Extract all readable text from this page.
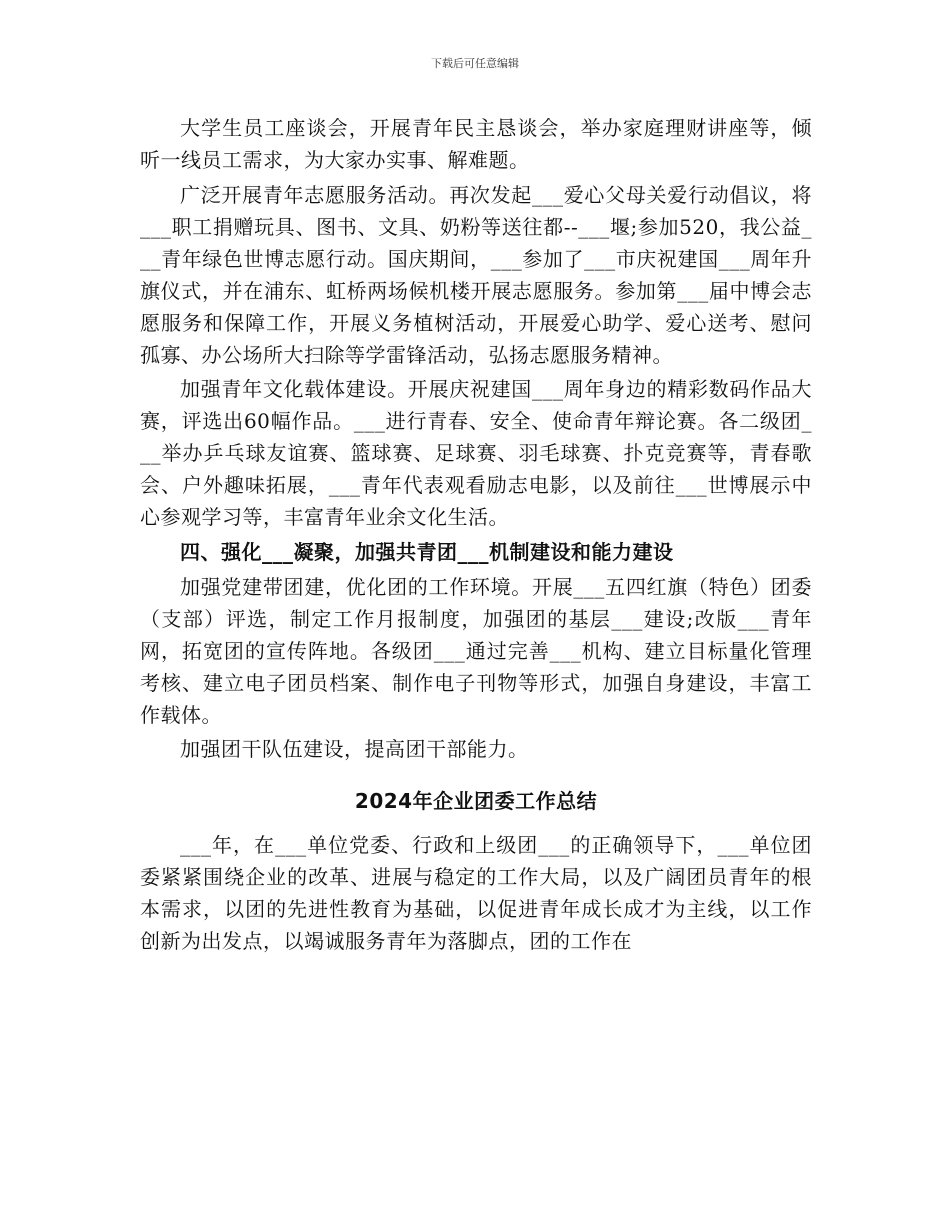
下载后可任意编辑

大学生员工座谈会，开展青年民主恳谈会，举办家庭理财讲座等，倾听一线员工需求，为大家办实事、解难题。

广泛开展青年志愿服务活动。再次发起___爱心父母关爱行动倡议，将___职工捐赠玩具、图书、文具、奶粉等送往都--___堰;参加520，我公益___青年绿色世博志愿行动。国庆期间，___参加了___市庆祝建国___周年升旗仪式，并在浦东、虹桥两场候机楼开展志愿服务。参加第___届中博会志愿服务和保障工作，开展义务植树活动，开展爱心助学、爱心送考、慰问孤寡、办公场所大扫除等学雷锋活动，弘扬志愿服务精神。

加强青年文化载体建设。开展庆祝建国___周年身边的精彩数码作品大赛，评选出60幅作品。___进行青春、安全、使命青年辩论赛。各二级团___举办乒乓球友谊赛、篮球赛、足球赛、羽毛球赛、扑克竞赛等，青春歌会、户外趣味拓展，___青年代表观看励志电影，以及前往___世博展示中心参观学习等，丰富青年业余文化生活。

四、强化___凝聚，加强共青团___机制建设和能力建设

加强党建带团建，优化团的工作环境。开展___五四红旗（特色）团委（支部）评选，制定工作月报制度，加强团的基层___建设;改版___青年网，拓宽团的宣传阵地。各级团___通过完善___机构、建立目标量化管理考核、建立电子团员档案、制作电子刊物等形式，加强自身建设，丰富工作载体。

加强团干队伍建设，提高团干部能力。

2024年企业团委工作总结

___年，在___单位党委、行政和上级团___的正确领导下，___单位团委紧紧围绕企业的改革、进展与稳定的工作大局，以及广阔团员青年的根本需求，以团的先进性教育为基础，以促进青年成长成才为主线，以工作创新为出发点，以竭诚服务青年为落脚点，团的工作在
